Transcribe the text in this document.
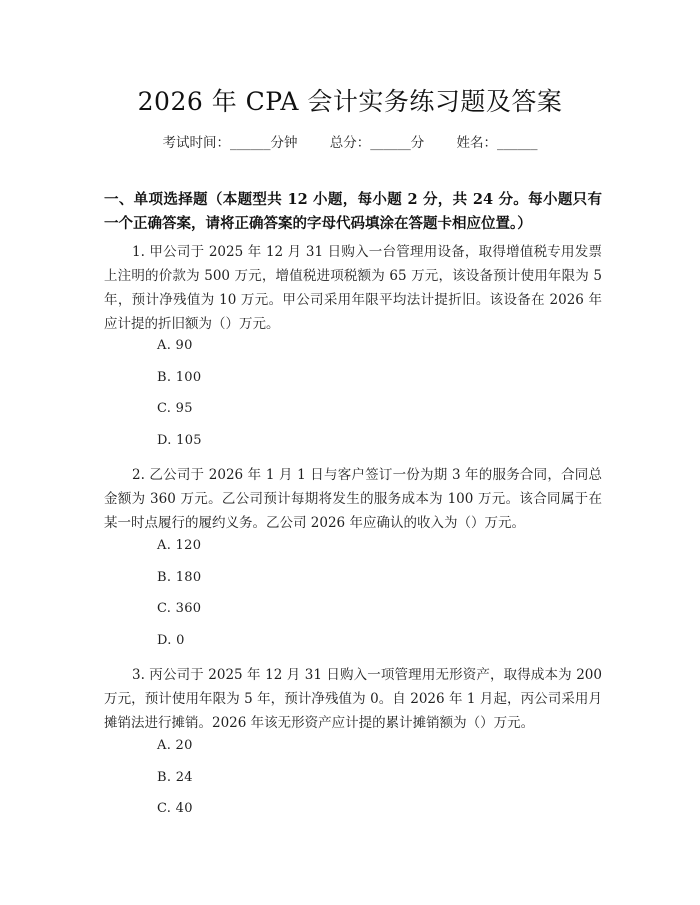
2026 年 CPA 会计实务练习题及答案
考试时间：______分钟 总分：______分 姓名：______
一、单项选择题（本题型共 12 小题，每小题 2 分，共 24 分。每小题只有一个正确答案，请将正确答案的字母代码填涂在答题卡相应位置。）
1. 甲公司于 2025 年 12 月 31 日购入一台管理用设备，取得增值税专用发票上注明的价款为 500 万元，增值税进项税额为 65 万元，该设备预计使用年限为 5 年，预计净残值为 10 万元。甲公司采用年限平均法计提折旧。该设备在 2026 年应计提的折旧额为（）万元。
A. 90
B. 100
C. 95
D. 105
2. 乙公司于 2026 年 1 月 1 日与客户签订一份为期 3 年的服务合同，合同总金额为 360 万元。乙公司预计每期将发生的服务成本为 100 万元。该合同属于在某一时点履行的履约义务。乙公司 2026 年应确认的收入为（）万元。
A. 120
B. 180
C. 360
D. 0
3. 丙公司于 2025 年 12 月 31 日购入一项管理用无形资产，取得成本为 200 万元，预计使用年限为 5 年，预计净残值为 0。自 2026 年 1 月起，丙公司采用月摊销法进行摊销。2026 年该无形资产应计提的累计摊销额为（）万元。
A. 20
B. 24
C. 40
